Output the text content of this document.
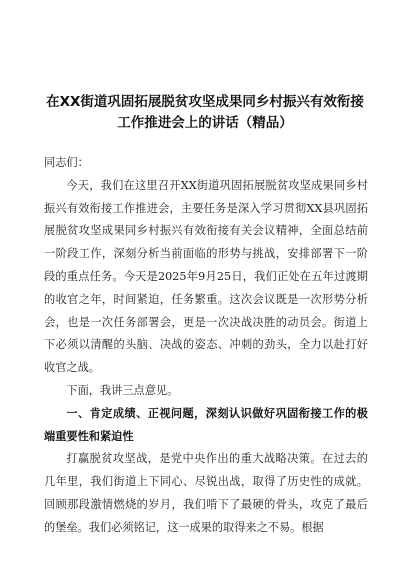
在XX街道巩固拓展脱贫攻坚成果同乡村振兴有效衔接
工作推进会上的讲话（精品）

同志们：

今天，我们在这里召开XX街道巩固拓展脱贫攻坚成果同乡村振兴有效衔接工作推进会，主要任务是深入学习贯彻XX县巩固拓展脱贫攻坚成果同乡村振兴有效衔接有关会议精神，全面总结前一阶段工作，深刻分析当前面临的形势与挑战，安排部署下一阶段的重点任务。今天是2025年9月25日，我们正处在五年过渡期的收官之年，时间紧迫，任务繁重。这次会议既是一次形势分析会，也是一次任务部署会，更是一次决战决胜的动员会。街道上下必须以清醒的头脑、决战的姿态、冲刺的劲头，全力以赴打好收官之战。

下面，我讲三点意见。

一、肯定成绩、正视问题，深刻认识做好巩固衔接工作的极端重要性和紧迫性

打赢脱贫攻坚战，是党中央作出的重大战略决策。在过去的几年里，我们街道上下同心、尽锐出战，取得了历史性的成就。回顾那段激情燃烧的岁月，我们啃下了最硬的骨头，攻克了最后的堡垒。我们必须铭记，这一成果的取得来之不易。根据
